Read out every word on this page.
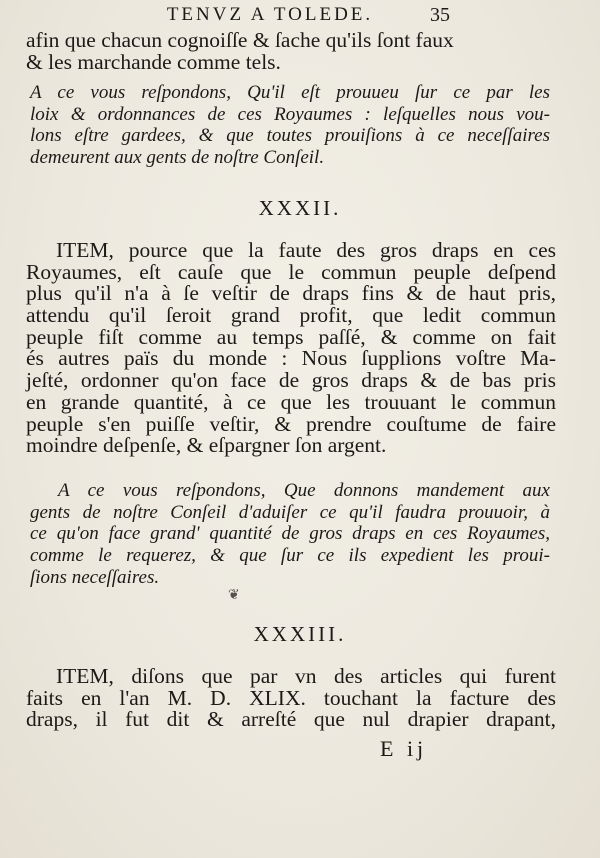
TENVZ A TOLEDE.	35
afin que chacun cognoiſſe & ſache qu'ils ſont faux
& les marchande comme tels.
A ce vous reſpondons, Qu'il eſt prouueu ſur ce par les
loix & ordonnances de ces Royaumes : leſquelles nous vou-
lons eſtre gardees, & que toutes prouiſions à ce neceſſaires
demeurent aux gents de noſtre Conſeil.
XXXII.
ITEM, pource que la faute des gros draps en ces
Royaumes, eſt cauſe que le commun peuple deſpend
plus qu'il n'a à ſe veſtir de draps fins & de haut pris,
attendu qu'il ſeroit grand profit, que ledit commun
peuple fiſt comme au temps paſſé, & comme on fait
és autres païs du monde : Nous ſupplions voſtre Ma-
jeſté, ordonner qu'on face de gros draps & de bas pris
en grande quantité, à ce que les trouuant le commun
peuple s'en puiſſe veſtir, & prendre couſtume de faire
moindre deſpenſe, & eſpargner ſon argent.
A ce vous reſpondons, Que donnons mandement aux
gents de noſtre Conſeil d'aduiſer ce qu'il faudra prouuoir, à
ce qu'on face grand' quantité de gros draps en ces Royaumes,
comme le requerez, & que ſur ce ils expedient les proui-
ſions neceſſaires.
❦
XXXIII.
ITEM, diſons que par vn des articles qui furent
faits en l'an M. D. XLIX. touchant la facture des
draps, il fut dit & arreſté que nul drapier drapant,
E ij
